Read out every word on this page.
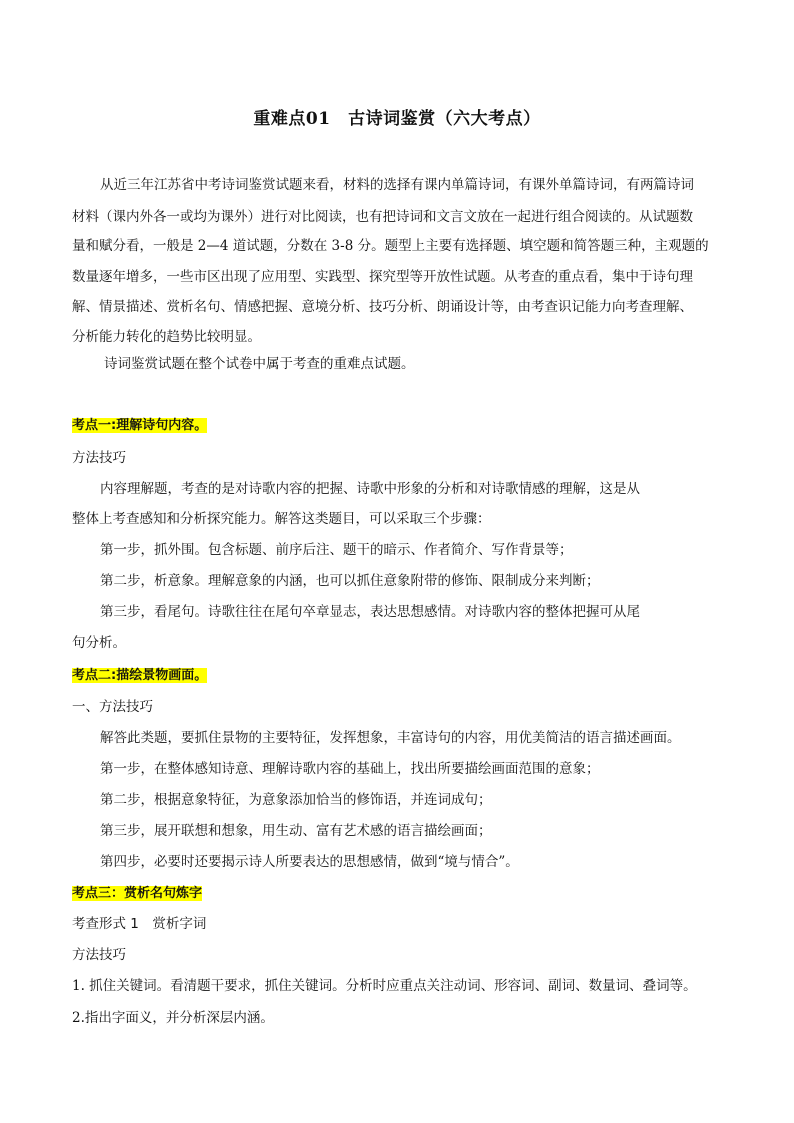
重难点01　古诗词鉴赏（六大考点）
从近三年江苏省中考诗词鉴赏试题来看，材料的选择有课内单篇诗词，有课外单篇诗词，有两篇诗词
材料（课内外各一或均为课外）进行对比阅读，也有把诗词和文言文放在一起进行组合阅读的。从试题数
量和赋分看，一般是 2—4 道试题，分数在 3-8 分。题型上主要有选择题、填空题和简答题三种，主观题的
数量逐年增多，一些市区出现了应用型、实践型、探究型等开放性试题。从考查的重点看，集中于诗句理
解、情景描述、赏析名句、情感把握、意境分析、技巧分析、朗诵设计等，由考查识记能力向考查理解、
分析能力转化的趋势比较明显。
诗词鉴赏试题在整个试卷中属于考查的重难点试题。
考点一:理解诗句内容。
方法技巧
内容理解题，考查的是对诗歌内容的把握、诗歌中形象的分析和对诗歌情感的理解，这是从
整体上考查感知和分析探究能力。解答这类题目，可以采取三个步骤：
第一步，抓外围。包含标题、前序后注、题干的暗示、作者简介、写作背景等；
第二步，析意象。理解意象的内涵，也可以抓住意象附带的修饰、限制成分来判断；
第三步，看尾句。诗歌往往在尾句卒章显志，表达思想感情。对诗歌内容的整体把握可从尾
句分析。
考点二:描绘景物画面。
一、方法技巧
解答此类题，要抓住景物的主要特征，发挥想象，丰富诗句的内容，用优美简洁的语言描述画面。
第一步，在整体感知诗意、理解诗歌内容的基础上，找出所要描绘画面范围的意象；
第二步，根据意象特征，为意象添加恰当的修饰语，并连词成句；
第三步，展开联想和想象，用生动、富有艺术感的语言描绘画面；
第四步，必要时还要揭示诗人所要表达的思想感情，做到“境与情合”。
考点三：赏析名句炼字
考查形式 1　赏析字词
方法技巧
1. 抓住关键词。看清题干要求，抓住关键词。分析时应重点关注动词、形容词、副词、数量词、叠词等。
2.指出字面义，并分析深层内涵。
